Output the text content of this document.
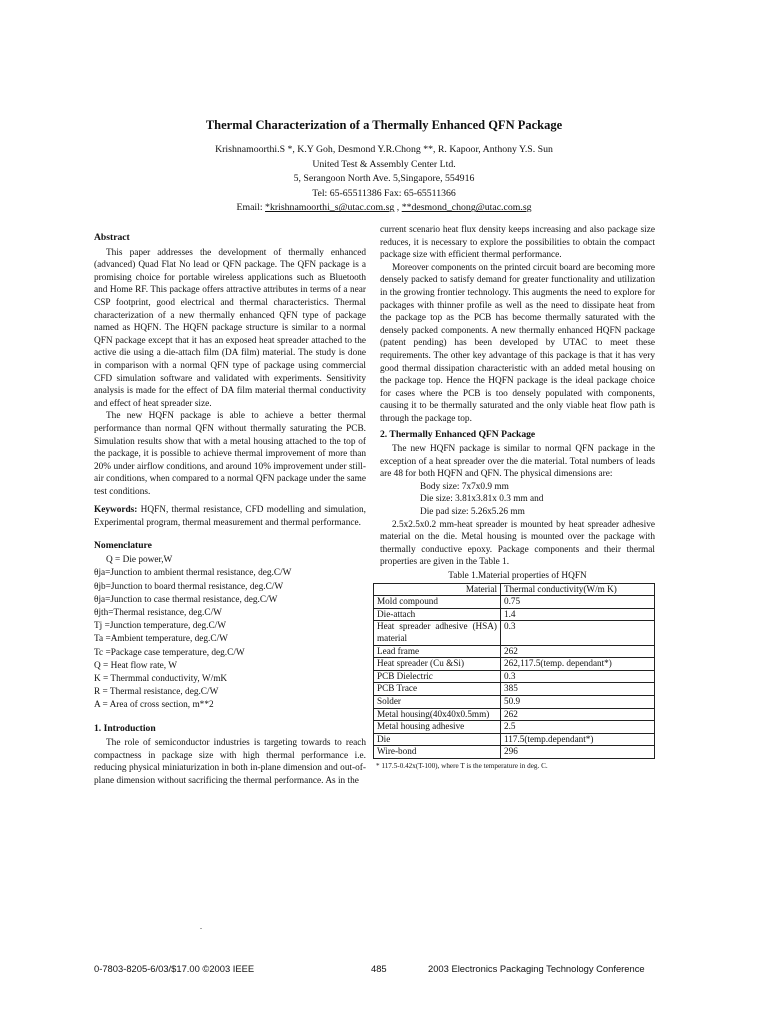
Thermal Characterization of a Thermally Enhanced QFN Package
Krishnamoorthi.S *, K.Y Goh, Desmond Y.R.Chong **, R. Kapoor, Anthony Y.S. Sun
United Test & Assembly Center Ltd.
5, Serangoon North Ave. 5,Singapore, 554916
Tel: 65-65511386 Fax: 65-65511366
Email: *krishnamoorthi_s@utac.com.sg , **desmond_chong@utac.com.sg
Abstract

This paper addresses the development of thermally enhanced (advanced) Quad Flat No lead or QFN package. The QFN package is a promising choice for portable wireless applications such as Bluetooth and Home RF. This package offers attractive attributes in terms of a near CSP footprint, good electrical and thermal characteristics. Thermal characterization of a new thermally enhanced QFN type of package named as HQFN. The HQFN package structure is similar to a normal QFN package except that it has an exposed heat spreader attached to the active die using a die-attach film (DA film) material. The study is done in comparison with a normal QFN type of package using commercial CFD simulation software and validated with experiments. Sensitivity analysis is made for the effect of DA film material thermal conductivity and effect of heat spreader size.

The new HQFN package is able to achieve a better thermal performance than normal QFN without thermally saturating the PCB. Simulation results show that with a metal housing attached to the top of the package, it is possible to achieve thermal improvement of more than 20% under airflow conditions, and around 10% improvement under still-air conditions, when compared to a normal QFN package under the same test conditions.

Keywords: HQFN, thermal resistance, CFD modelling and simulation, Experimental program, thermal measurement and thermal performance.

Nomenclature
Q = Die power,W
θja=Junction to ambient thermal resistance, deg.C/W
θjb=Junction to board thermal resistance, deg.C/W
θja=Junction to case thermal resistance, deg.C/W
θjth=Thermal resistance, deg.C/W
Tj =Junction temperature, deg.C/W
Ta =Ambient temperature, deg.C/W
Tc =Package case temperature, deg.C/W
Q = Heat flow rate, W
K = Thermmal conductivity, W/mK
R = Thermal resistance, deg.C/W
A = Area of cross section, m**2
1. Introduction

The role of semiconductor industries is targeting towards to reach compactness in package size with high thermal performance i.e. reducing physical miniaturization in both in-plane dimension and out-of-plane dimension without sacrificing the thermal performance. As in the

current scenario heat flux density keeps increasing and also package size reduces, it is necessary to explore the possibilities to obtain the compact package size with efficient thermal performance.

Moreover components on the printed circuit board are becoming more densely packed to satisfy demand for greater functionality and utilization in the growing frontier technology. This augments the need to explore for packages with thinner profile as well as the need to dissipate heat from the package top as the PCB has become thermally saturated with the densely packed components. A new thermally enhanced HQFN package (patent pending) has been developed by UTAC to meet these requirements. The other key advantage of this package is that it has very good thermal dissipation characteristic with an added metal housing on the package top. Hence the HQFN package is the ideal package choice for cases where the PCB is too densely populated with components, causing it to be thermally saturated and the only viable heat flow path is through the package top.

2. Thermally Enhanced QFN Package

The new HQFN package is similar to normal QFN package in the exception of a heat spreader over the die material. Total numbers of leads are 48 for both HQFN and QFN. The physical dimensions are:

Body size: 7x7x0.9 mm
Die size: 3.81x3.81x 0.3 mm and
Die pad size: 5.26x5.26 mm

2.5x2.5x0.2 mm-heat spreader is mounted by heat spreader adhesive material on the die. Metal housing is mounted over the package with thermally conductive epoxy. Package components and their thermal properties are given in the Table 1.

Table 1.Material properties of HQFN
Material	Thermal conductivity(W/m K)
Mold compound	0.75
Die-attach	1.4
Heat spreader adhesive (HSA) material	0.3
Lead frame	262
Heat spreader (Cu &Si)	262,117.5(temp. dependant*)
PCB Dielectric	0.3
PCB Trace	385
Solder	50.9
Metal housing(40x40x0.5mm)	262
Metal housing adhesive	2.5
Die	117.5(temp.dependant*)
Wire-bond	296
* 117.5-0.42x(T-100), where T is the temperature in deg. C.
.
0-7803-8205-6/03/$17.00 ©2003 IEEE	485	2003 Electronics Packaging Technology Conference
